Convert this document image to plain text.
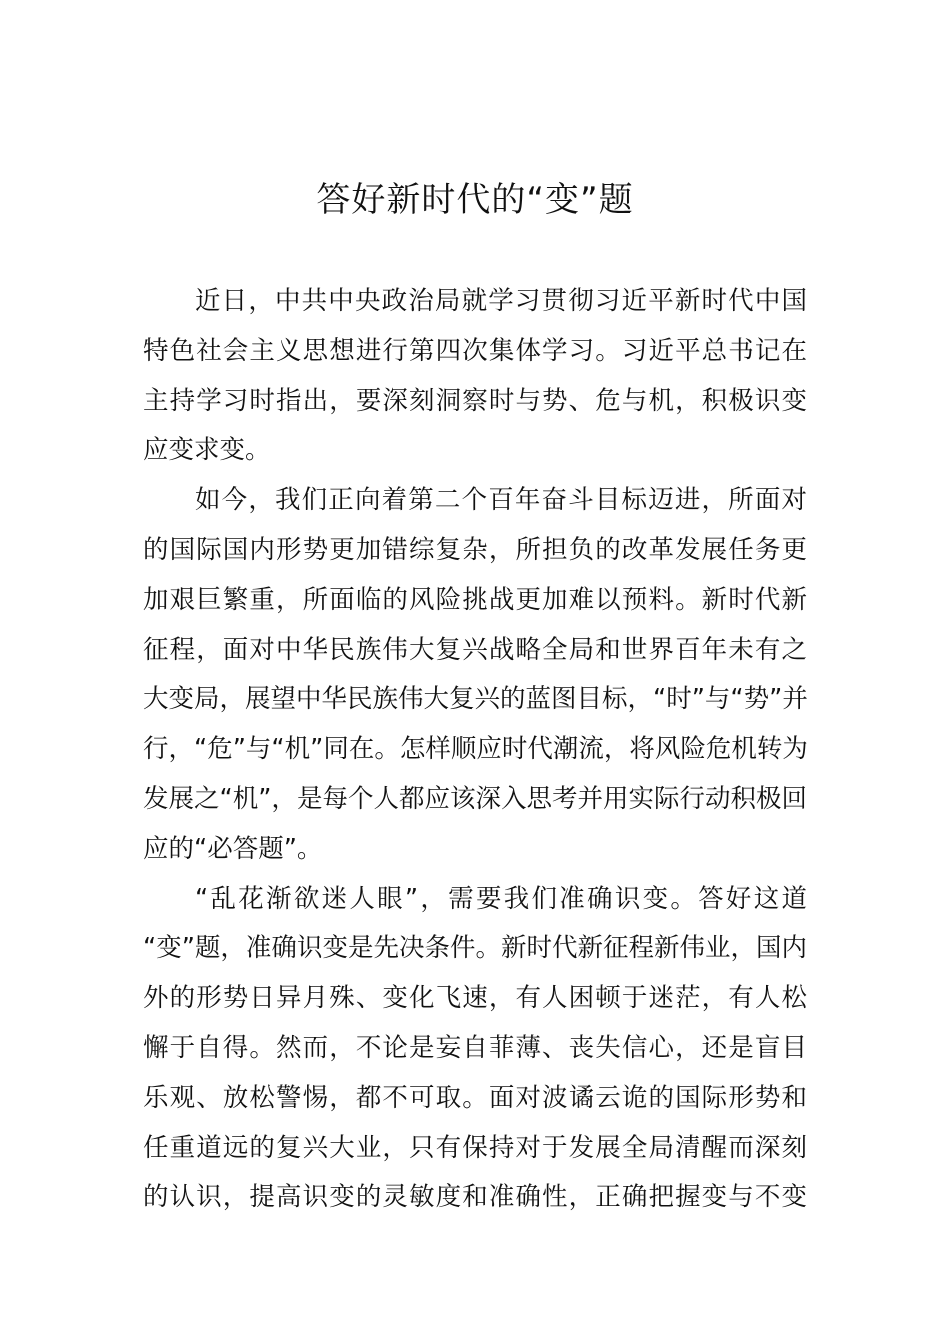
答好新时代的“变”题
近日，中共中央政治局就学习贯彻习近平新时代中国
特色社会主义思想进行第四次集体学习。习近平总书记在
主持学习时指出，要深刻洞察时与势、危与机，积极识变
应变求变。
如今，我们正向着第二个百年奋斗目标迈进，所面对
的国际国内形势更加错综复杂，所担负的改革发展任务更
加艰巨繁重，所面临的风险挑战更加难以预料。新时代新
征程，面对中华民族伟大复兴战略全局和世界百年未有之
大变局，展望中华民族伟大复兴的蓝图目标，“时”与“势”并
行，“危”与“机”同在。怎样顺应时代潮流，将风险危机转为
发展之“机”，是每个人都应该深入思考并用实际行动积极回
应的“必答题”。
“乱花渐欲迷人眼”，需要我们准确识变。答好这道
“变”题，准确识变是先决条件。新时代新征程新伟业，国内
外的形势日异月殊、变化飞速，有人困顿于迷茫，有人松
懈于自得。然而，不论是妄自菲薄、丧失信心，还是盲目
乐观、放松警惕，都不可取。面对波谲云诡的国际形势和
任重道远的复兴大业，只有保持对于发展全局清醒而深刻
的认识，提高识变的灵敏度和准确性，正确把握变与不变
